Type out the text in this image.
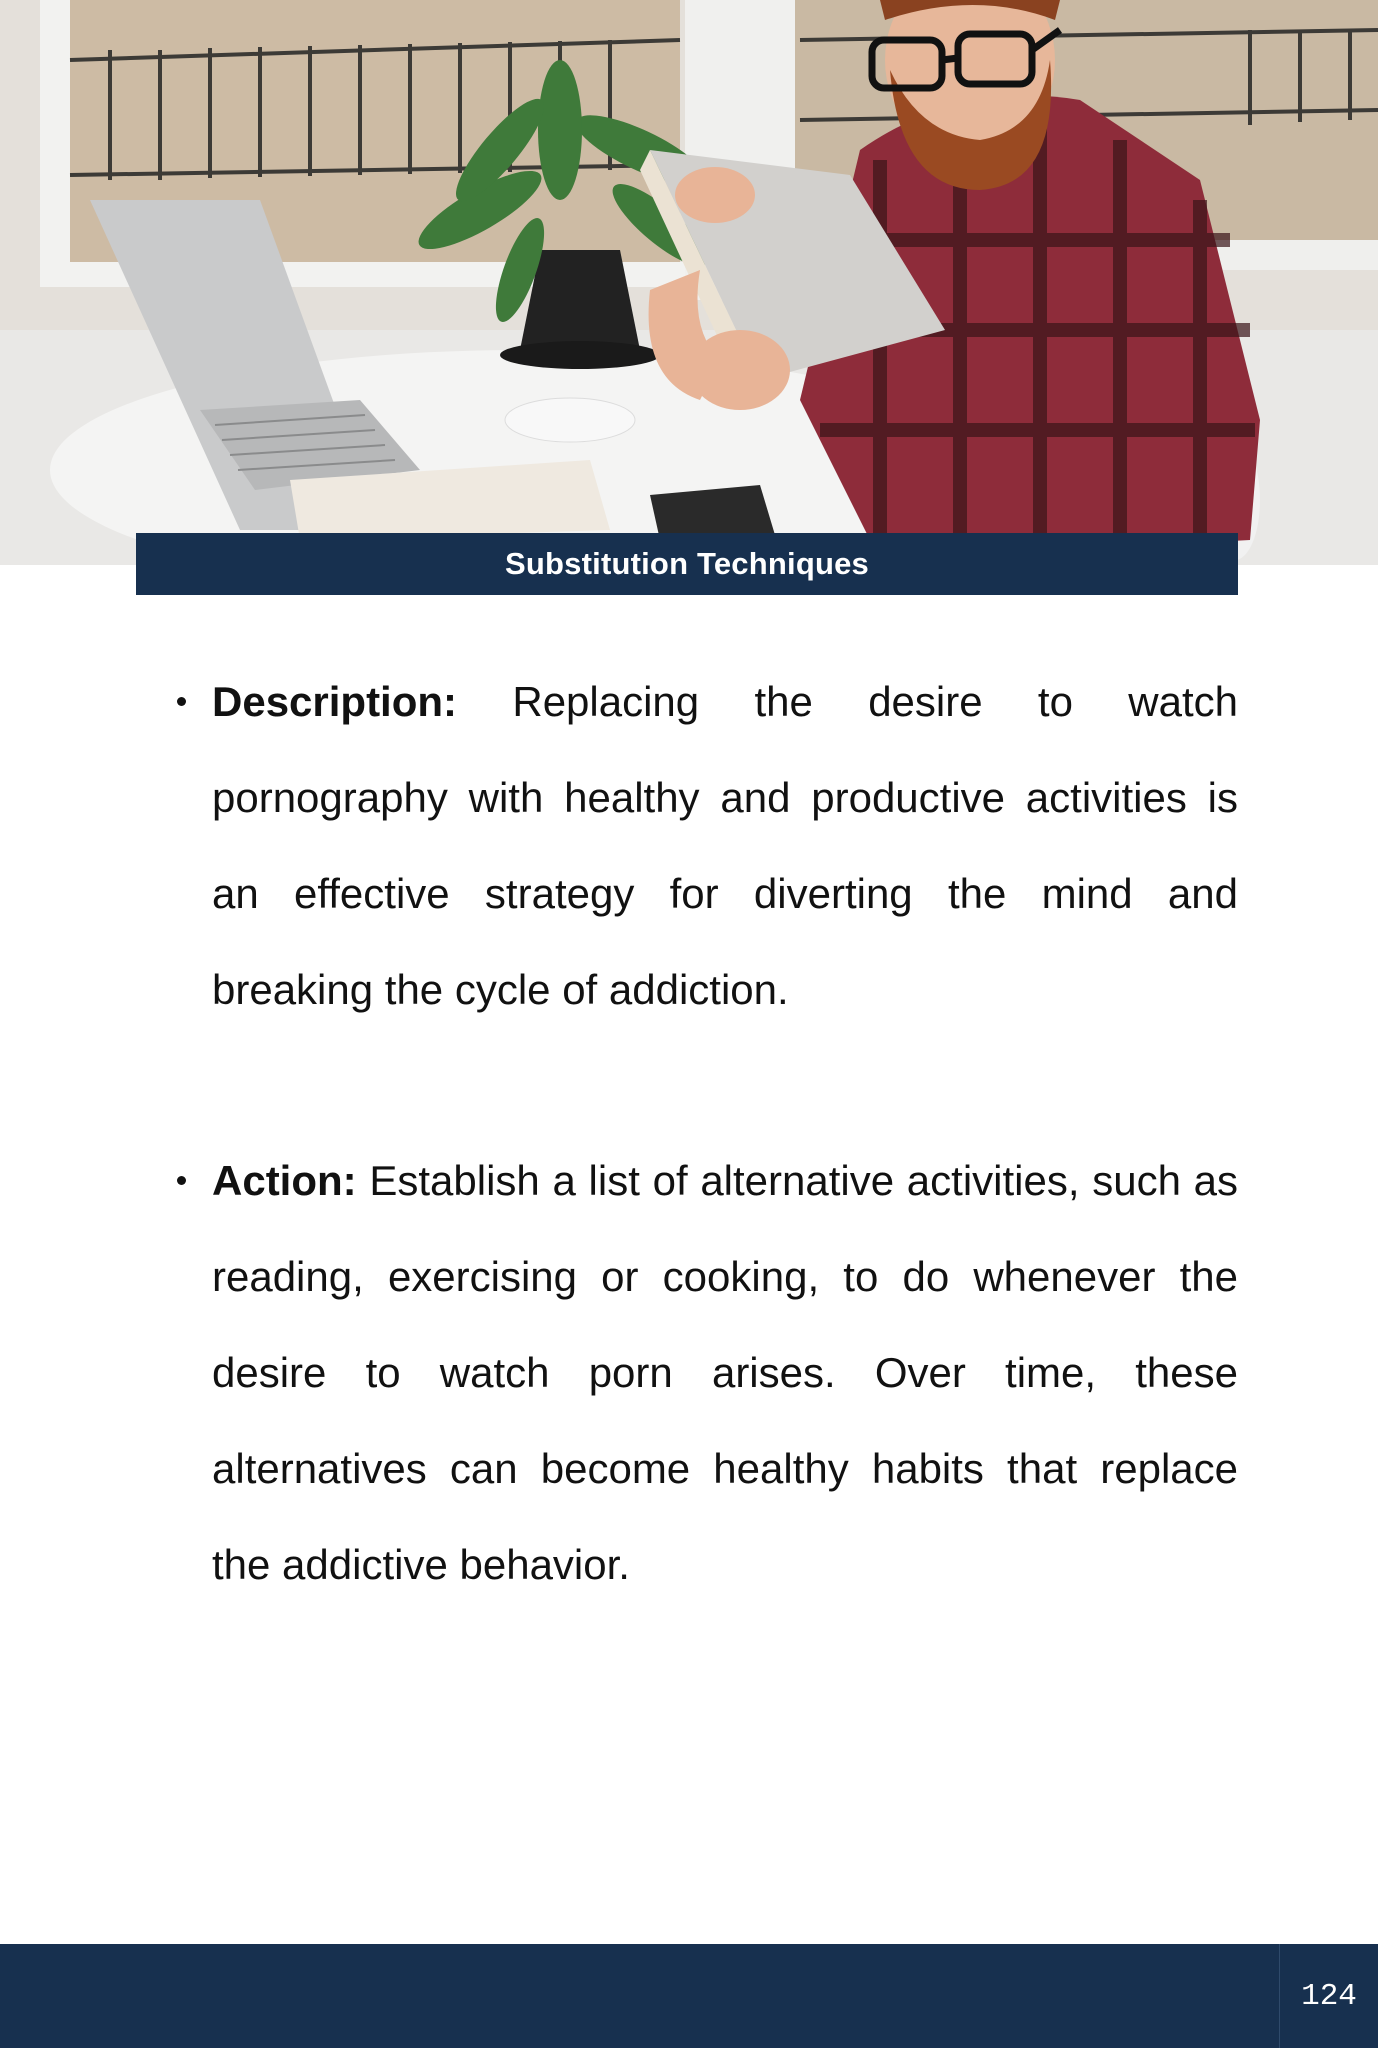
Substitution Techniques
Description: Replacing the desire to watch pornography with healthy and productive activities is an effective strategy for diverting the mind and breaking the cycle of addiction.
Action: Establish a list of alternative activities, such as reading, exercising or cooking, to do whenever the desire to watch porn arises. Over time, these alternatives can become healthy habits that replace the addictive behavior.
124
